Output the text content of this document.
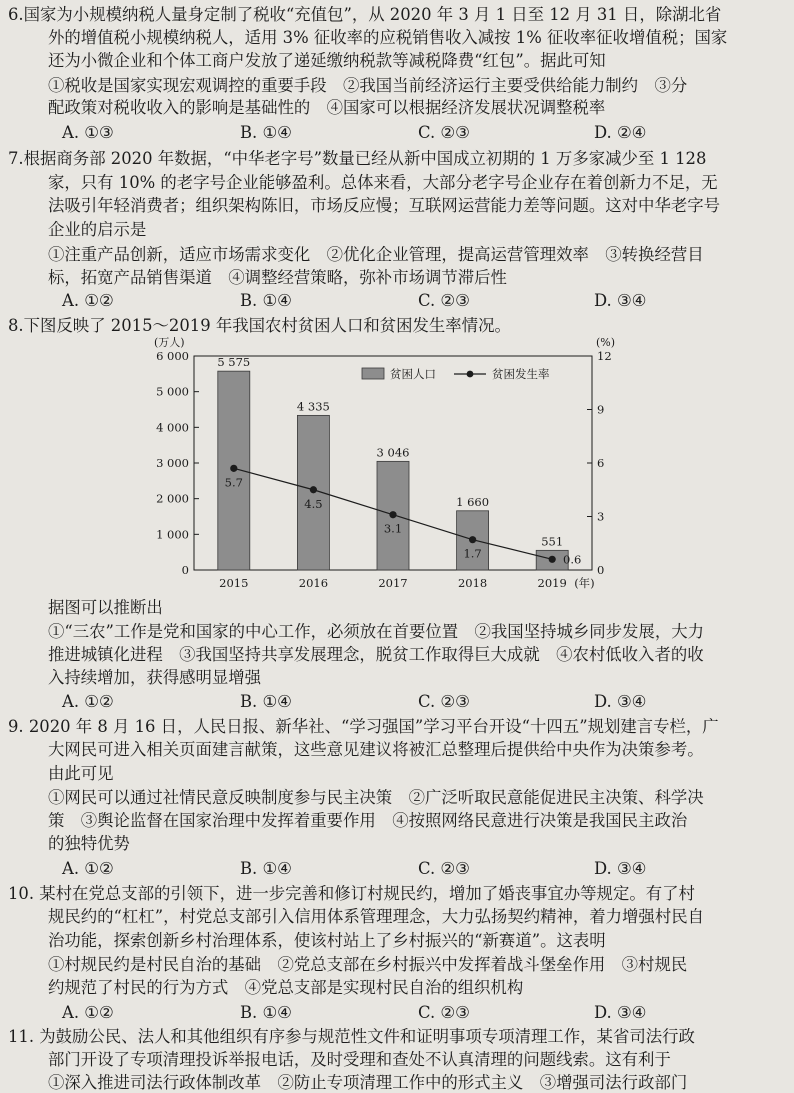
6.国家为小规模纳税人量身定制了税收“充值包”，从 2020 年 3 月 1 日至 12 月 31 日，除湖北省
外的增值税小规模纳税人，适用 3% 征收率的应税销售收入减按 1% 征收率征收增值税；国家
还为小微企业和个体工商户发放了递延缴纳税款等减税降费“红包”。据此可知
①税收是国家实现宏观调控的重要手段　②我国当前经济运行主要受供给能力制约　③分
配政策对税收收入的影响是基础性的　④国家可以根据经济发展状况调整税率
A. ①③	B. ①④	C. ②③	D. ②④
7.根据商务部 2020 年数据，“中华老字号”数量已经从新中国成立初期的 1 万多家减少至 1 128
家，只有 10% 的老字号企业能够盈利。总体来看，大部分老字号企业存在着创新力不足，无
法吸引年轻消费者；组织架构陈旧，市场反应慢；互联网运营能力差等问题。这对中华老字号
企业的启示是
①注重产品创新，适应市场需求变化　②优化企业管理，提高运营管理效率　③转换经营目
标，拓宽产品销售渠道　④调整经营策略，弥补市场调节滞后性
A. ①②	B. ①④	C. ②③	D. ③④
8.下图反映了 2015～2019 年我国农村贫困人口和贫困发生率情况。
0
1 000
2 000
3 000
4 000
5 000
6 000
0
3
6
9
12
2015	2016	2017	2018	2019
5 575
4 335
3 046
1 660
551
5.7
4.5
3.1
1.7	0.6
贫困人口	贫困发生率
(万人)	(%)
(年)
据图可以推断出
①“三农”工作是党和国家的中心工作，必须放在首要位置　②我国坚持城乡同步发展，大力
推进城镇化进程　③我国坚持共享发展理念，脱贫工作取得巨大成就　④农村低收入者的收
入持续增加，获得感明显增强
A. ①②	B. ①④	C. ②③	D. ③④
9. 2020 年 8 月 16 日，人民日报、新华社、“学习强国”学习平台开设“十四五”规划建言专栏，广
大网民可进入相关页面建言献策，这些意见建议将被汇总整理后提供给中央作为决策参考。
由此可见
①网民可以通过社情民意反映制度参与民主决策　②广泛听取民意能促进民主决策、科学决
策　③舆论监督在国家治理中发挥着重要作用　④按照网络民意进行决策是我国民主政治
的独特优势
A. ①②	B. ①④	C. ②③	D. ③④
10. 某村在党总支部的引领下，进一步完善和修订村规民约，增加了婚丧事宜办等规定。有了村
规民约的“杠杠”，村党总支部引入信用体系管理理念，大力弘扬契约精神，着力增强村民自
治功能，探索创新乡村治理体系，使该村站上了乡村振兴的“新赛道”。这表明
①村规民约是村民自治的基础　②党总支部在乡村振兴中发挥着战斗堡垒作用　③村规民
约规范了村民的行为方式　④党总支部是实现村民自治的组织机构
A. ①②	B. ①④	C. ②③	D. ③④
11. 为鼓励公民、法人和其他组织有序参与规范性文件和证明事项专项清理工作，某省司法行政
部门开设了专项清理投诉举报电话，及时受理和查处不认真清理的问题线索。这有利于
①深入推进司法行政体制改革　②防止专项清理工作中的形式主义　③增强司法行政部门
